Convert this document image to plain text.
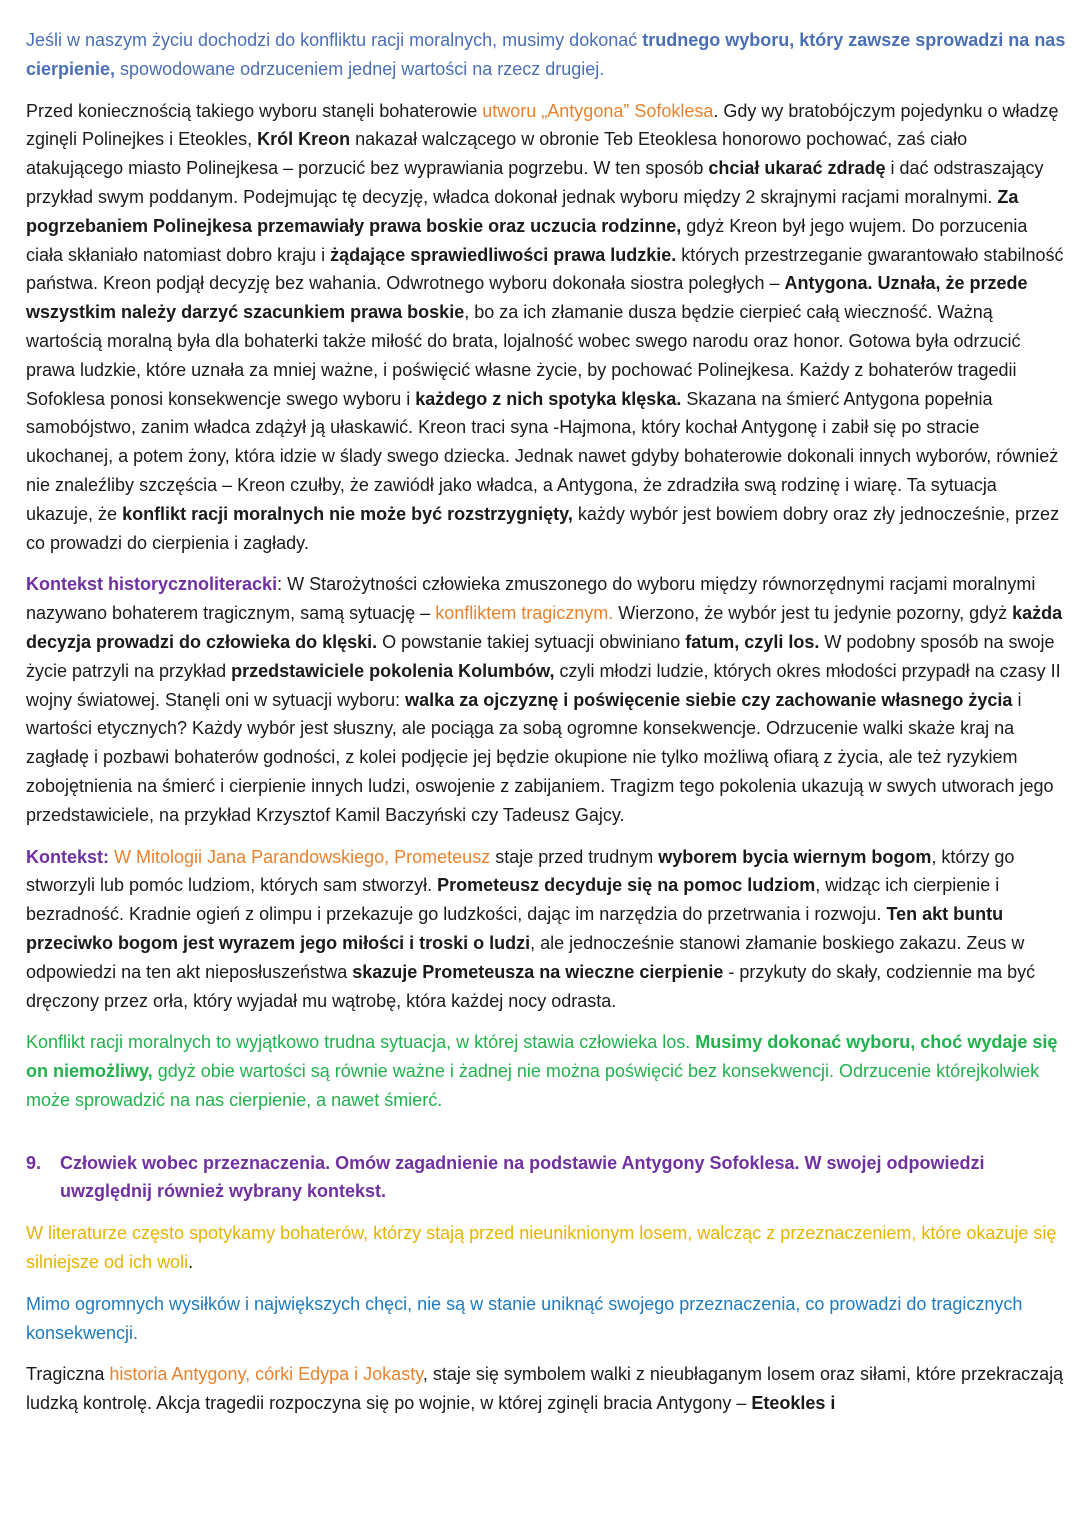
Jeśli w naszym życiu dochodzi do konfliktu racji moralnych, musimy dokonać trudnego wyboru, który zawsze sprowadzi na nas cierpienie, spowodowane odrzuceniem jednej wartości na rzecz drugiej.

Przed koniecznością takiego wyboru stanęli bohaterowie utworu „Antygona” Sofoklesa. Gdy wy bratobójczym pojedynku o władzę zginęli Polinejkes i Eteokles, Król Kreon nakazał walczącego w obronie Teb Eteoklesa honorowo pochować, zaś ciało atakującego miasto Polinejkesa – porzucić bez wyprawiania pogrzebu. W ten sposób chciał ukarać zdradę i dać odstraszający przykład swym poddanym. Podejmując tę decyzję, władca dokonał jednak wyboru między 2 skrajnymi racjami moralnymi. Za pogrzebaniem Polinejkesa przemawiały prawa boskie oraz uczucia rodzinne, gdyż Kreon był jego wujem. Do porzucenia ciała skłaniało natomiast dobro kraju i żądające sprawiedliwości prawa ludzkie. których przestrzeganie gwarantowało stabilność państwa. Kreon podjął decyzję bez wahania. Odwrotnego wyboru dokonała siostra poległych – Antygona. Uznała, że przede wszystkim należy darzyć szacunkiem prawa boskie, bo za ich złamanie dusza będzie cierpieć całą wieczność. Ważną wartością moralną była dla bohaterki także miłość do brata, lojalność wobec swego narodu oraz honor. Gotowa była odrzucić prawa ludzkie, które uznała za mniej ważne, i poświęcić własne życie, by pochować Polinejkesa. Każdy z bohaterów tragedii Sofoklesa ponosi konsekwencje swego wyboru i każdego z nich spotyka klęska. Skazana na śmierć Antygona popełnia samobójstwo, zanim władca zdążył ją ułaskawić. Kreon traci syna -Hajmona, który kochał Antygonę i zabił się po stracie ukochanej, a potem żony, która idzie w ślady swego dziecka. Jednak nawet gdyby bohaterowie dokonali innych wyborów, również nie znaleźliby szczęścia – Kreon czułby, że zawiódł jako władca, a Antygona, że zdradziła swą rodzinę i wiarę. Ta sytuacja ukazuje, że konflikt racji moralnych nie może być rozstrzygnięty, każdy wybór jest bowiem dobry oraz zły jednocześnie, przez co prowadzi do cierpienia i zagłady.

Kontekst historycznoliteracki: W Starożytności człowieka zmuszonego do wyboru między równorzędnymi racjami moralnymi nazywano bohaterem tragicznym, samą sytuację – konfliktem tragicznym. Wierzono, że wybór jest tu jedynie pozorny, gdyż każda decyzja prowadzi do człowieka do klęski. O powstanie takiej sytuacji obwiniano fatum, czyli los. W podobny sposób na swoje życie patrzyli na przykład przedstawiciele pokolenia Kolumbów, czyli młodzi ludzie, których okres młodości przypadł na czasy II wojny światowej. Stanęli oni w sytuacji wyboru: walka za ojczyznę i poświęcenie siebie czy zachowanie własnego życia i wartości etycznych? Każdy wybór jest słuszny, ale pociąga za sobą ogromne konsekwencje. Odrzucenie walki skaże kraj na zagładę i pozbawi bohaterów godności, z kolei podjęcie jej będzie okupione nie tylko możliwą ofiarą z życia, ale też ryzykiem zobojętnienia na śmierć i cierpienie innych ludzi, oswojenie z zabijaniem. Tragizm tego pokolenia ukazują w swych utworach jego przedstawiciele, na przykład Krzysztof Kamil Baczyński czy Tadeusz Gajcy.

Kontekst: W Mitologii Jana Parandowskiego, Prometeusz staje przed trudnym wyborem bycia wiernym bogom, którzy go stworzyli lub pomóc ludziom, których sam stworzył. Prometeusz decyduje się na pomoc ludziom, widząc ich cierpienie i bezradność. Kradnie ogień z olimpu i przekazuje go ludzkości, dając im narzędzia do przetrwania i rozwoju. Ten akt buntu przeciwko bogom jest wyrazem jego miłości i troski o ludzi, ale jednocześnie stanowi złamanie boskiego zakazu. Zeus w odpowiedzi na ten akt nieposłuszeństwa skazuje Prometeusza na wieczne cierpienie - przykuty do skały, codziennie ma być dręczony przez orła, który wyjadał mu wątrobę, która każdej nocy odrasta.

Konflikt racji moralnych to wyjątkowo trudna sytuacja, w której stawia człowieka los. Musimy dokonać wyboru, choć wydaje się on niemożliwy, gdyż obie wartości są równie ważne i żadnej nie można poświęcić bez konsekwencji. Odrzucenie którejkolwiek może sprowadzić na nas cierpienie, a nawet śmierć.

9.	Człowiek wobec przeznaczenia. Omów zagadnienie na podstawie Antygony Sofoklesa. W swojej odpowiedzi uwzględnij również wybrany kontekst.

W literaturze często spotykamy bohaterów, którzy stają przed nieuniknionym losem, walcząc z przeznaczeniem, które okazuje się silniejsze od ich woli.

Mimo ogromnych wysiłków i największych chęci, nie są w stanie uniknąć swojego przeznaczenia, co prowadzi do tragicznych konsekwencji.

Tragiczna historia Antygony, córki Edypa i Jokasty, staje się symbolem walki z nieubłaganym losem oraz siłami, które przekraczają ludzką kontrolę. Akcja tragedii rozpoczyna się po wojnie, w której zginęli bracia Antygony – Eteokles i
